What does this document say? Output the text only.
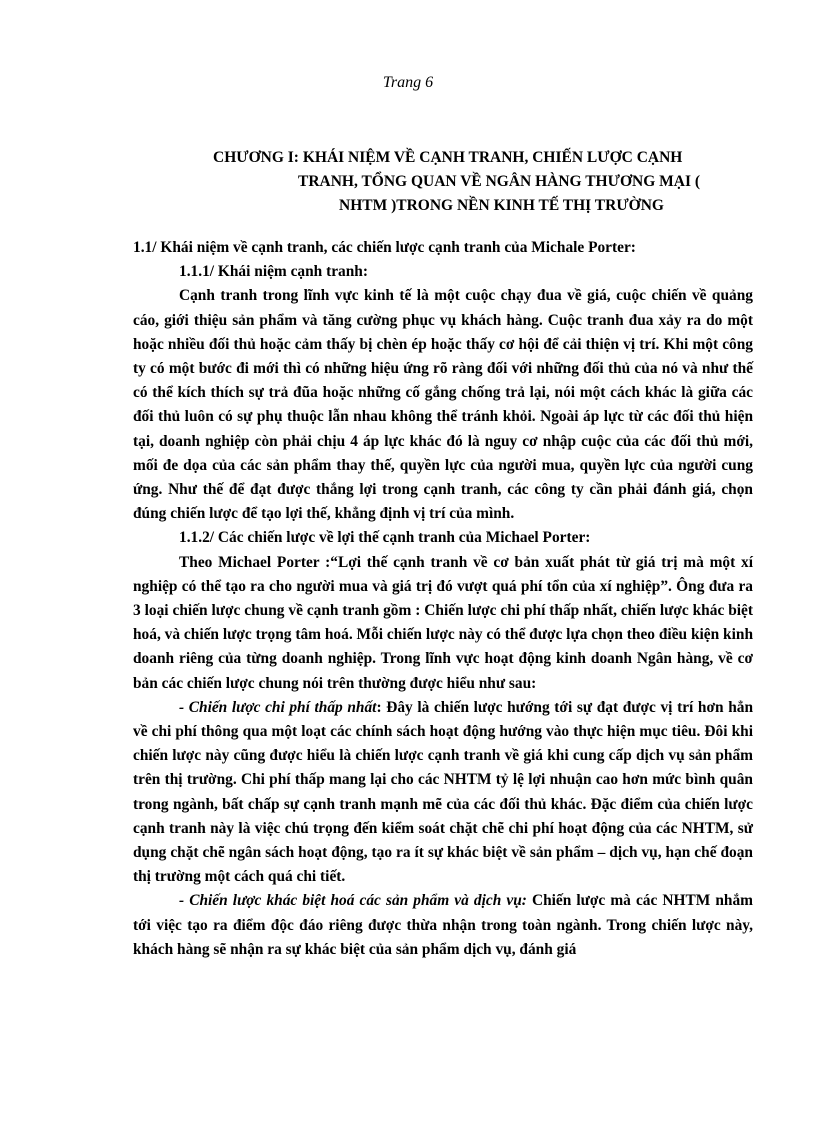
Trang 6
CHƯƠNG I: KHÁI NIỆM VỀ CẠNH TRANH, CHIẾN LƯỢC CẠNH
TRANH, TỔNG QUAN VỀ NGÂN HÀNG THƯƠNG MẠI (
NHTM )TRONG NỀN KINH TẾ THỊ TRƯỜNG

1.1/ Khái niệm về cạnh tranh, các chiến lược cạnh tranh của Michale Porter:

1.1.1/ Khái niệm cạnh tranh:

Cạnh tranh trong lĩnh vực kinh tế là một cuộc chạy đua về giá, cuộc chiến về quảng cáo, giới thiệu sản phẩm và tăng cường phục vụ khách hàng. Cuộc tranh đua xảy ra do một hoặc nhiều đối thủ hoặc cảm thấy bị chèn ép hoặc thấy cơ hội để cải thiện vị trí. Khi một công ty có một bước đi mới thì có những hiệu ứng rõ ràng đối với những đối thủ của nó và như thế có thể kích thích sự trả đũa hoặc những cố gắng chống trả lại, nói một cách khác là giữa các đối thủ luôn có sự phụ thuộc lẫn nhau không thể tránh khỏi. Ngoài áp lực từ các đối thủ hiện tại, doanh nghiệp còn phải chịu 4 áp lực khác đó là nguy cơ nhập cuộc của các đối thủ mới, mối đe dọa của các sản phẩm thay thế, quyền lực của người mua, quyền lực của người cung ứng. Như thế để đạt được thắng lợi trong cạnh tranh, các công ty cần phải đánh giá, chọn đúng chiến lược để tạo lợi thế, khẳng định vị trí của mình.

1.1.2/ Các chiến lược về lợi thế cạnh tranh của Michael Porter:

Theo Michael Porter :“Lợi thế cạnh tranh về cơ bản xuất phát từ giá trị mà một xí nghiệp có thể tạo ra cho người mua và giá trị đó vượt quá phí tổn của xí nghiệp”. Ông đưa ra 3 loại chiến lược chung về cạnh tranh gồm : Chiến lược chi phí thấp nhất, chiến lược khác biệt hoá, và chiến lược trọng tâm hoá. Mỗi chiến lược này có thể được lựa chọn theo điều kiện kinh doanh riêng của từng doanh nghiệp. Trong lĩnh vực hoạt động kinh doanh Ngân hàng, về cơ bản các chiến lược chung nói trên thường được hiểu như sau:

- Chiến lược chi phí thấp nhất: Đây là chiến lược hướng tới sự đạt được vị trí hơn hẳn về chi phí thông qua một loạt các chính sách hoạt động hướng vào thực hiện mục tiêu. Đôi khi chiến lược này cũng được hiểu là chiến lược cạnh tranh về giá khi cung cấp dịch vụ sản phẩm trên thị trường. Chi phí thấp mang lại cho các NHTM tỷ lệ lợi nhuận cao hơn mức bình quân trong ngành, bất chấp sự cạnh tranh mạnh mẽ của các đối thủ khác. Đặc điểm của chiến lược cạnh tranh này là việc chú trọng đến kiểm soát chặt chẽ chi phí hoạt động của các NHTM, sử dụng chặt chẽ ngân sách hoạt động, tạo ra ít sự khác biệt về sản phẩm – dịch vụ, hạn chế đoạn thị trường một cách quá chi tiết.

- Chiến lược khác biệt hoá các sản phẩm và dịch vụ: Chiến lược mà các NHTM nhắm tới việc tạo ra điểm độc đáo riêng được thừa nhận trong toàn ngành. Trong chiến lược này, khách hàng sẽ nhận ra sự khác biệt của sản phẩm dịch vụ, đánh giá
